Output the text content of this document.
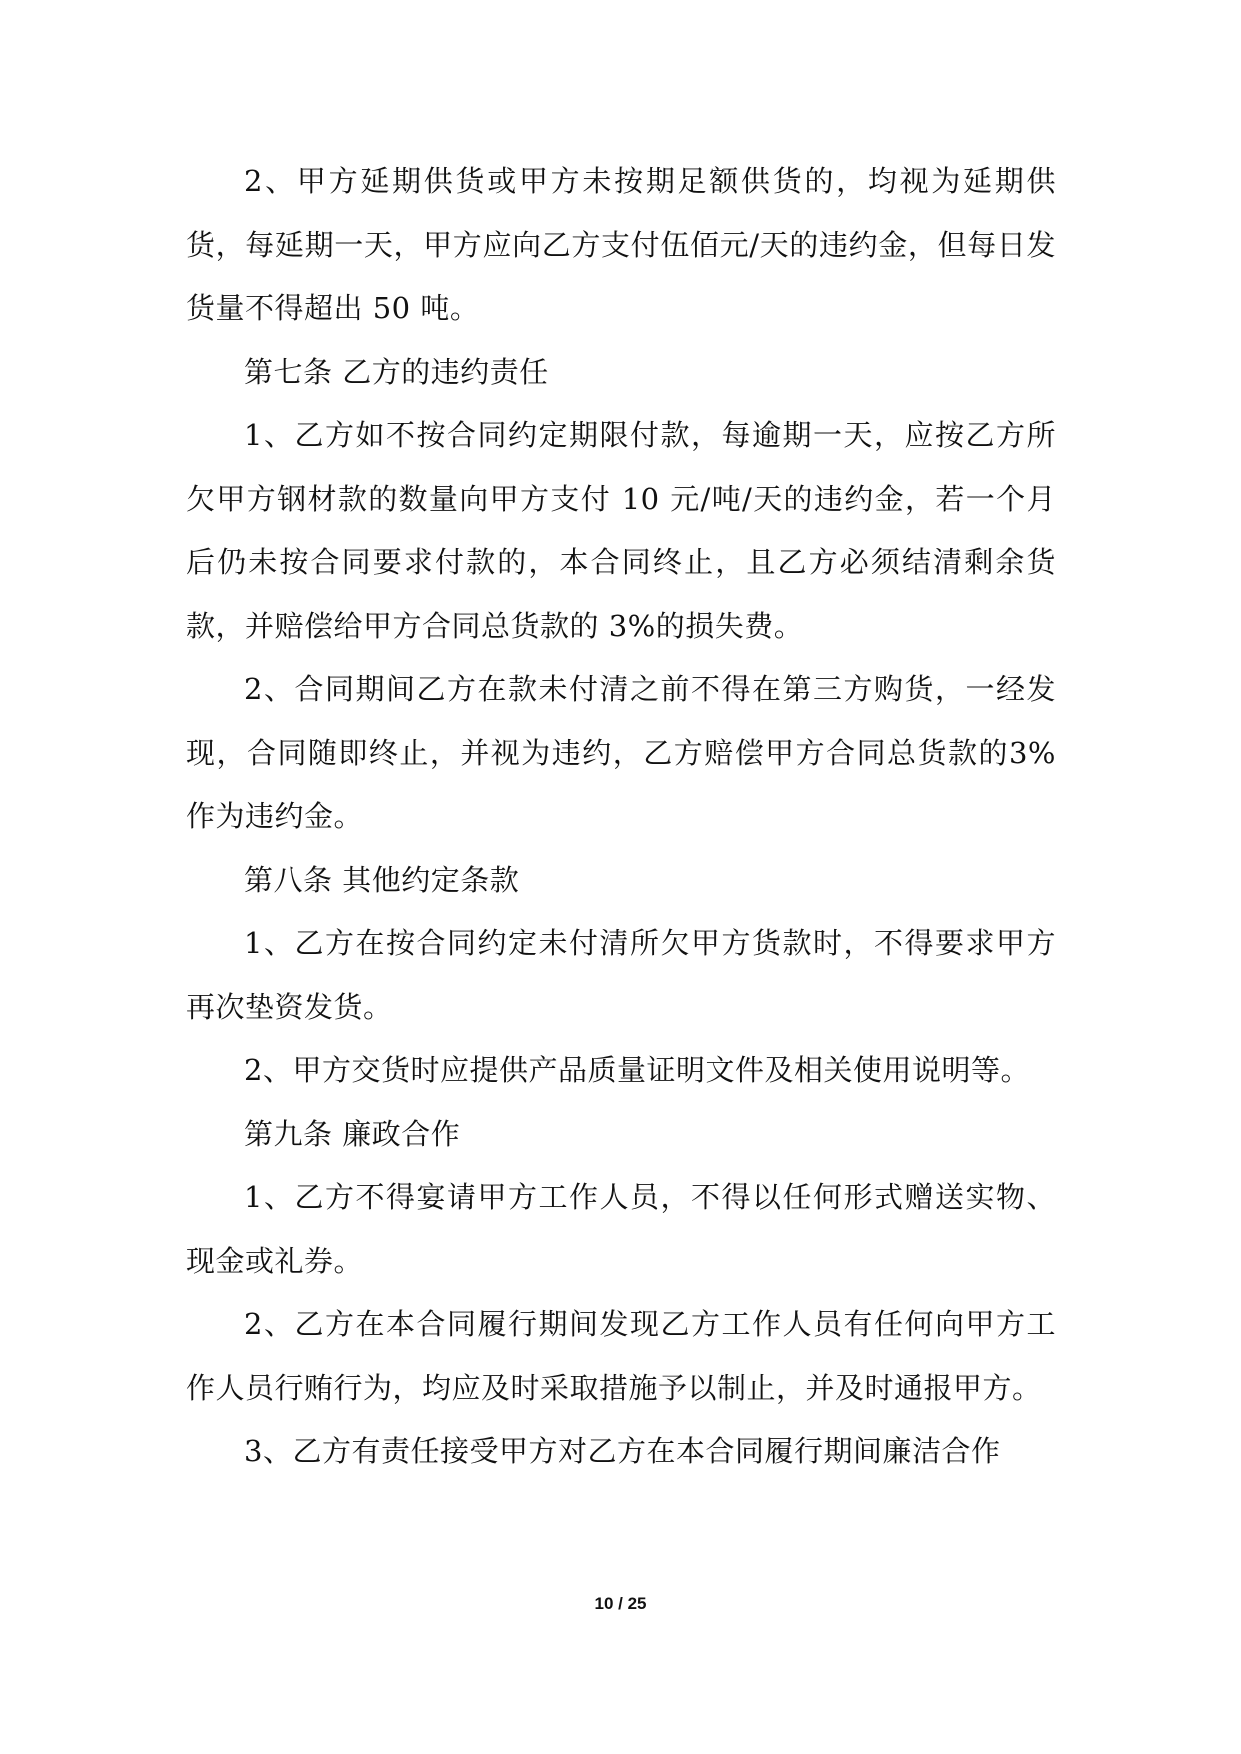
2、甲方延期供货或甲方未按期足额供货的，均视为延期供货，每延期一天，甲方应向乙方支付伍佰元/天的违约金，但每日发货量不得超出 50 吨。

第七条 乙方的违约责任

1、乙方如不按合同约定期限付款，每逾期一天，应按乙方所欠甲方钢材款的数量向甲方支付 10 元/吨/天的违约金，若一个月后仍未按合同要求付款的，本合同终止，且乙方必须结清剩余货款，并赔偿给甲方合同总货款的 3%的损失费。

2、合同期间乙方在款未付清之前不得在第三方购货，一经发现，合同随即终止，并视为违约，乙方赔偿甲方合同总货款的3%作为违约金。

第八条 其他约定条款

1、乙方在按合同约定未付清所欠甲方货款时，不得要求甲方再次垫资发货。

2、甲方交货时应提供产品质量证明文件及相关使用说明等。

第九条 廉政合作

1、乙方不得宴请甲方工作人员，不得以任何形式赠送实物、现金或礼券。

2、乙方在本合同履行期间发现乙方工作人员有任何向甲方工作人员行贿行为，均应及时采取措施予以制止，并及时通报甲方。

3、乙方有责任接受甲方对乙方在本合同履行期间廉洁合作

10 / 25
